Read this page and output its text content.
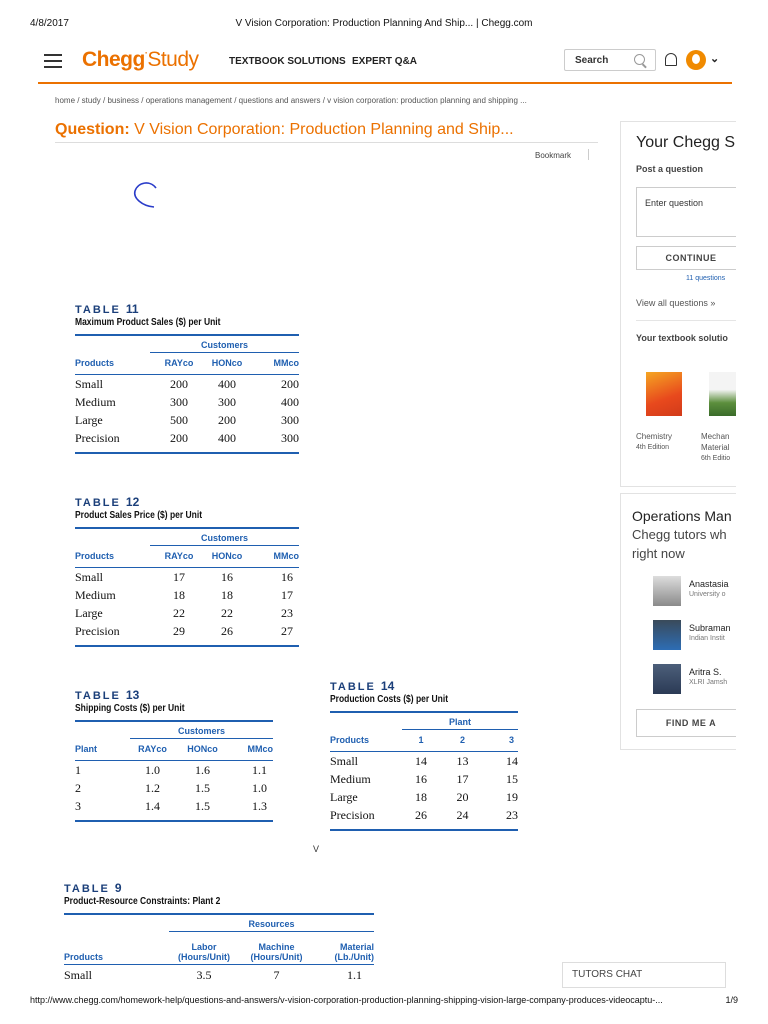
4/8/2017	V Vision Corporation: Production Planning And Ship... | Chegg.com
http://www.chegg.com/homework-help/questions-and-answers/v-vision-corporation-production-planning-shipping-vision-large-company-produces-videocaptu-...	1/9
Chegg·Study	TEXTBOOK SOLUTIONS EXPERT Q&A	Search	⌄
home / study / business / operations management / questions and answers / v vision corporation: production planning and shipping ...
Question: V Vision Corporation: Production Planning and Ship...
Bookmark
TABLE 11
Maximum Product Sales ($) per Unit
Customers
Products	RAYco	HONco	MMco

Small	200	400	200
Medium	300	300	400
Large	500	200	300
Precision	200	400	300
TABLE 12
Product Sales Price ($) per Unit
Customers
Products	RAYco	HONco	MMco

Small	17	16	16
Medium	18	18	17
Large	22	22	23
Precision	29	26	27
TABLE 13
Shipping Costs ($) per Unit
Customers
Plant	RAYco	HONco	MMco

1	1.0	1.6	1.1
2	1.2	1.5	1.0
3	1.4	1.5	1.3
TABLE 14
Production Costs ($) per Unit
Plant
Products	1	2	3

Small	14	13	14
Medium	16	17	15
Large	18	20	19
Precision	26	24	23
V
TABLE 9
Product-Resource Constraints: Plant 2
Resources
Products	Labor (Hours/Unit)	Machine (Hours/Unit)	Material (Lb./Unit)

Small	3.5	7	1.1
Your Chegg S
Post a question
Enter question
CONTINUE
11 questions
View all questions »
Your textbook solutio
Chemistry
4th Edition
Mechan
Material
6th Editio
Operations Man
Chegg tutors wh
right now
Anastasia
University o
Subraman
Indian Instit
Aritra S.
XLRI Jamsh
FIND ME A
TUTORS CHAT
